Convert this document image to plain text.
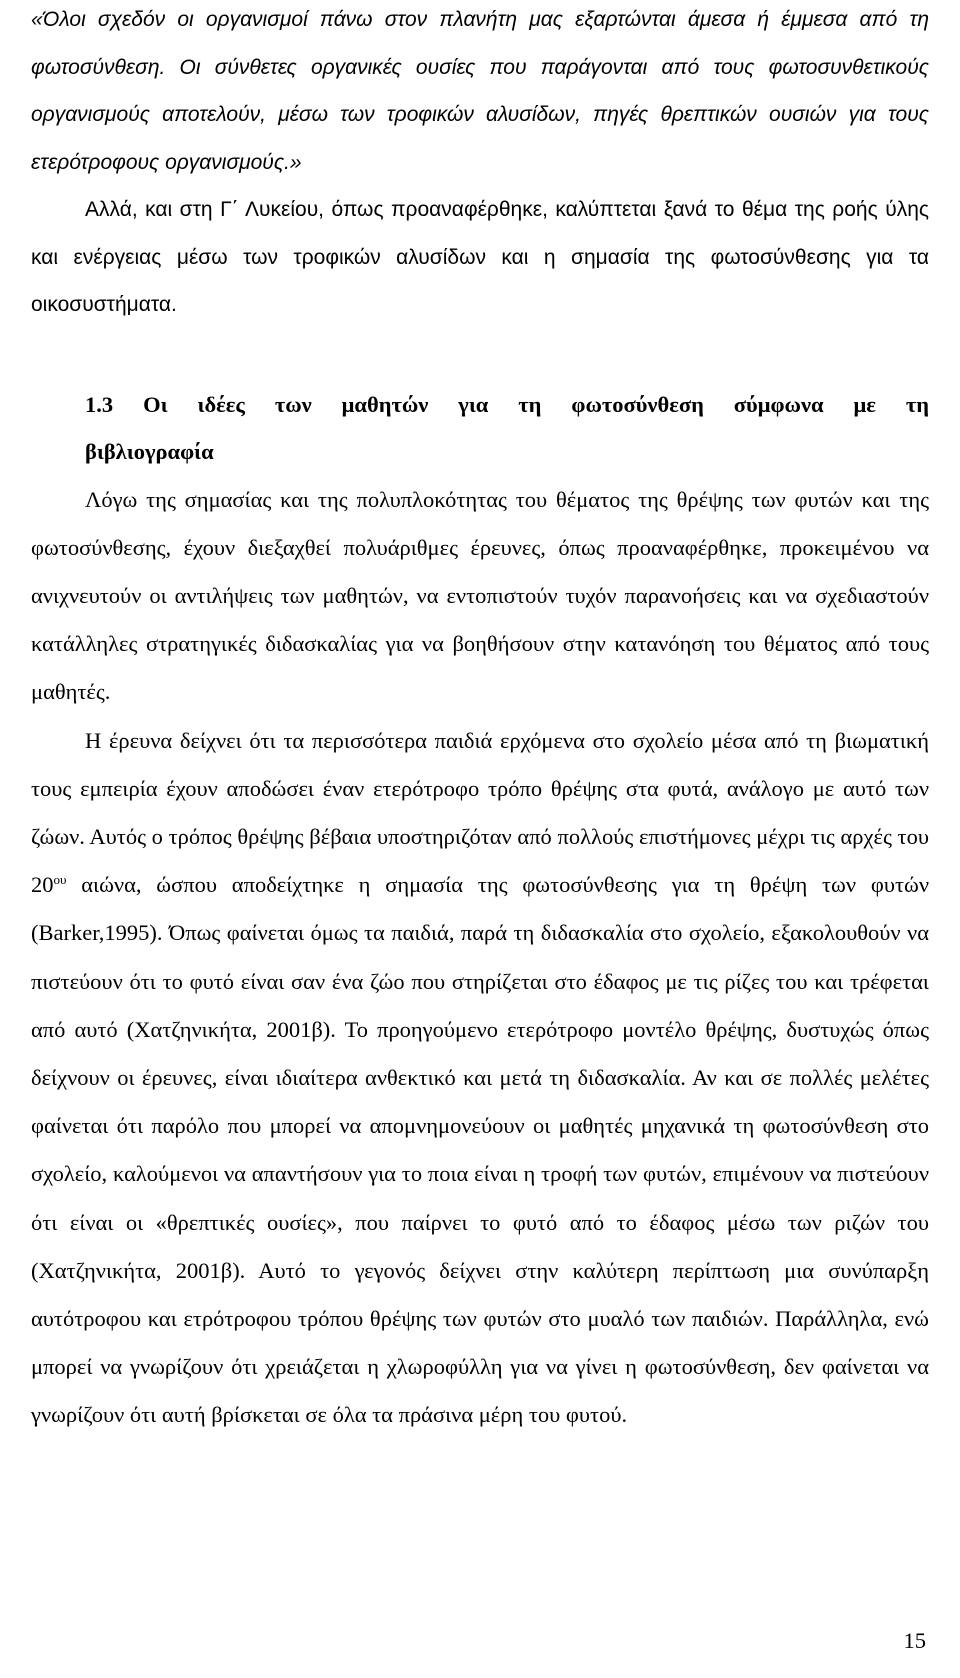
«Όλοι σχεδόν οι οργανισμοί πάνω στον πλανήτη μας εξαρτώνται άμεσα ή έμμεσα από τη φωτοσύνθεση. Οι σύνθετες οργανικές ουσίες που παράγονται από τους φωτοσυνθετικούς οργανισμούς αποτελούν, μέσω των τροφικών αλυσίδων, πηγές θρεπτικών ουσιών για τους ετερότροφους οργανισμούς.»

Αλλά, και στη Γ΄ Λυκείου, όπως προαναφέρθηκε, καλύπτεται ξανά το θέμα της ροής ύλης και ενέργειας μέσω των τροφικών αλυσίδων και η σημασία της φωτοσύνθεσης για τα οικοσυστήματα.

1.3 Οι ιδέες των μαθητών για τη φωτοσύνθεση σύμφωνα με τη βιβλιογραφία

Λόγω της σημασίας και της πολυπλοκότητας του θέματος της θρέψης των φυτών και της φωτοσύνθεσης, έχουν διεξαχθεί πολυάριθμες έρευνες, όπως προαναφέρθηκε, προκειμένου να ανιχνευτούν οι αντιλήψεις των μαθητών, να εντοπιστούν τυχόν παρανοήσεις και να σχεδιαστούν κατάλληλες στρατηγικές διδασκαλίας για να βοηθήσουν στην κατανόηση του θέματος από τους μαθητές.

Η έρευνα δείχνει ότι τα περισσότερα παιδιά ερχόμενα στο σχολείο μέσα από τη βιωματική τους εμπειρία έχουν αποδώσει έναν ετερότροφο τρόπο θρέψης στα φυτά, ανάλογο με αυτό των ζώων. Αυτός ο τρόπος θρέψης βέβαια υποστηριζόταν από πολλούς επιστήμονες μέχρι τις αρχές του $20^{o\upsilon}$ αιώνα, ώσπου αποδείχτηκε η σημασία της φωτοσύνθεσης για τη θρέψη των φυτών (Barker,1995). Όπως φαίνεται όμως τα παιδιά, παρά τη διδασκαλία στο σχολείο, εξακολουθούν να πιστεύουν ότι το φυτό είναι σαν ένα ζώο που στηρίζεται στο έδαφος με τις ρίζες του και τρέφεται από αυτό (Χατζηνικήτα, 2001β). Το προηγούμενο ετερότροφο μοντέλο θρέψης, δυστυχώς όπως δείχνουν οι έρευνες, είναι ιδιαίτερα ανθεκτικό και μετά τη διδασκαλία. Αν και σε πολλές μελέτες φαίνεται ότι παρόλο που μπορεί να απομνημονεύουν οι μαθητές μηχανικά τη φωτοσύνθεση στο σχολείο, καλούμενοι να απαντήσουν για το ποια είναι η τροφή των φυτών, επιμένουν να πιστεύουν ότι είναι οι «θρεπτικές ουσίες», που παίρνει το φυτό από το έδαφος μέσω των ριζών του (Χατζηνικήτα, 2001β). Αυτό το γεγονός δείχνει στην καλύτερη περίπτωση μια συνύπαρξη αυτότροφου και ετρότροφου τρόπου θρέψης των φυτών στο μυαλό των παιδιών. Παράλληλα, ενώ μπορεί να γνωρίζουν ότι χρειάζεται η χλωροφύλλη για να γίνει η φωτοσύνθεση, δεν φαίνεται να γνωρίζουν ότι αυτή βρίσκεται σε όλα τα πράσινα μέρη του φυτού.

15
